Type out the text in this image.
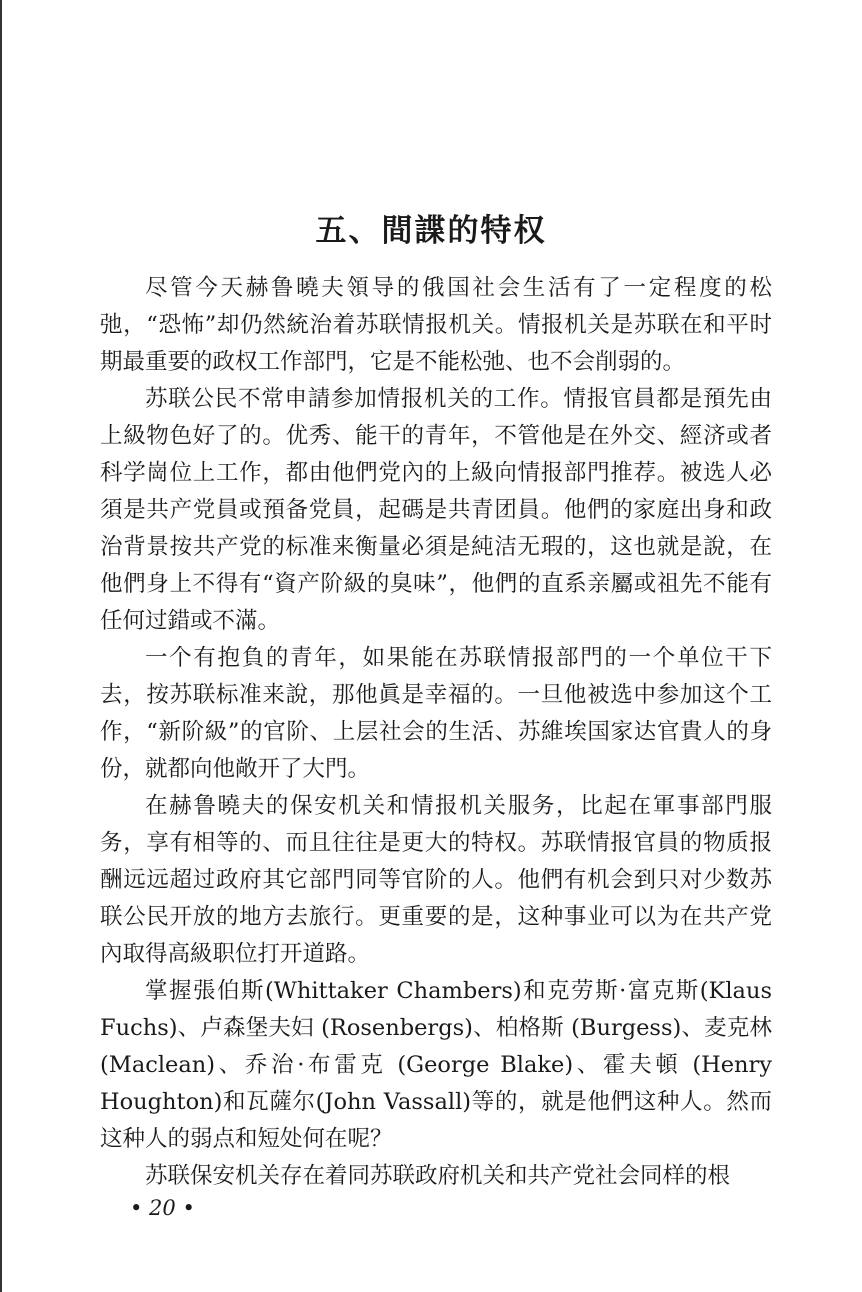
五、間諜的特权

尽管今天赫鲁曉夫領导的俄国社会生活有了一定程度的松弛，“恐怖”却仍然統治着苏联情报机关。情报机关是苏联在和平时期最重要的政权工作部門，它是不能松弛、也不会削弱的。

苏联公民不常申請参加情报机关的工作。情报官員都是預先由上級物色好了的。优秀、能干的青年，不管他是在外交、經济或者科学崗位上工作，都由他們党內的上級向情报部門推荐。被选人必須是共产党員或預备党員，起碼是共青团員。他們的家庭出身和政治背景按共产党的标准来衡量必須是純洁无瑕的，这也就是說，在他們身上不得有“資产阶級的臭味”，他們的直系亲屬或祖先不能有任何过錯或不滿。

一个有抱負的青年，如果能在苏联情报部門的一个单位干下去，按苏联标准来說，那他眞是幸福的。一旦他被选中参加这个工作，“新阶級”的官阶、上层社会的生活、苏維埃国家达官貴人的身份，就都向他敞开了大門。

在赫鲁曉夫的保安机关和情报机关服务，比起在軍事部門服务，享有相等的、而且往往是更大的特权。苏联情报官員的物质报酬远远超过政府其它部門同等官阶的人。他們有机会到只对少数苏联公民开放的地方去旅行。更重要的是，这种事业可以为在共产党內取得高級职位打开道路。

掌握張伯斯(Whittaker Chambers)和克劳斯·富克斯(Klaus Fuchs)、卢森堡夫妇 (Rosenbergs)、柏格斯 (Burgess)、麦克林 (Maclean)、乔治·布雷克 (George Blake)、霍夫頓 (Henry Houghton)和瓦薩尔(John Vassall)等的，就是他們这种人。然而这种人的弱点和短处何在呢？

苏联保安机关存在着同苏联政府机关和共产党社会同样的根

• 20 •
